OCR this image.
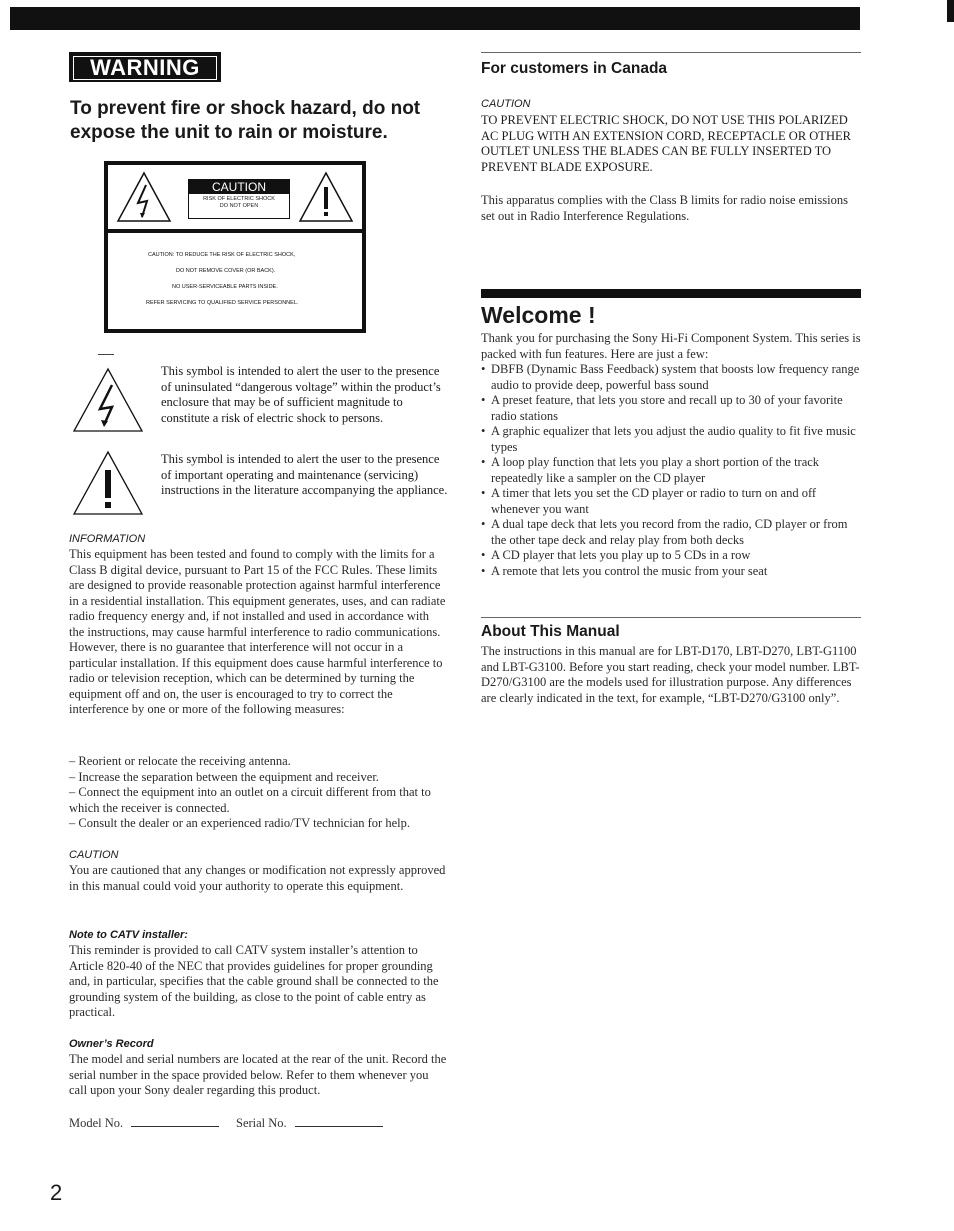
WARNING
To prevent fire or shock hazard, do not expose the unit to rain or moisture.
CAUTION
RISK OF ELECTRIC SHOCK
DO NOT OPEN
CAUTION: TO REDUCE THE RISK OF ELECTRIC SHOCK,
DO NOT REMOVE COVER (OR BACK).
NO USER-SERVICEABLE PARTS INSIDE.
REFER SERVICING TO QUALIFIED SERVICE PERSONNEL.
This symbol is intended to alert the user to the presence of uninsulated “dangerous voltage” within the product’s enclosure that may be of sufficient magnitude to constitute a risk of electric shock to persons.
This symbol is intended to alert the user to the presence of important operating and maintenance (servicing) instructions in the literature accompanying the appliance.
INFORMATION
This equipment has been tested and found to comply with the limits for a Class B digital device, pursuant to Part 15 of the FCC Rules. These limits are designed to provide reasonable protection against harmful interference in a residential installation. This equipment generates, uses, and can radiate radio frequency energy and, if not installed and used in accordance with the instructions, may cause harmful interference to radio communications. However, there is no guarantee that interference will not occur in a particular installation. If this equipment does cause harmful interference to radio or television reception, which can be determined by turning the equipment off and on, the user is encouraged to try to correct the interference by one or more of the following measures:
– Reorient or relocate the receiving antenna.
– Increase the separation between the equipment and receiver.
– Connect the equipment into an outlet on a circuit different from that to which the receiver is connected.
– Consult the dealer or an experienced radio/TV technician for help.
CAUTION
You are cautioned that any changes or modification not expressly approved in this manual could void your authority to operate this equipment.
Note to CATV installer:
This reminder is provided to call CATV system installer’s attention to Article 820-40 of the NEC that provides guidelines for proper grounding and, in particular, specifies that the cable ground shall be connected to the grounding system of the building, as close to the point of cable entry as practical.
Owner’s Record
The model and serial numbers are located at the rear of the unit. Record the serial number in the space provided below. Refer to them whenever you call upon your Sony dealer regarding this product.
Model No.	Serial No.
2
For customers in Canada
CAUTION
TO PREVENT ELECTRIC SHOCK, DO NOT USE THIS POLARIZED AC PLUG WITH AN EXTENSION CORD, RECEPTACLE OR OTHER OUTLET UNLESS THE BLADES CAN BE FULLY INSERTED TO PREVENT BLADE EXPOSURE.
This apparatus complies with the Class B limits for radio noise emissions set out in Radio Interference Regulations.
Welcome !
Thank you for purchasing the Sony Hi-Fi Component System. This series is packed with fun features. Here are just a few:
• DBFB (Dynamic Bass Feedback) system that boosts low frequency range audio to provide deep, powerful bass sound
• A preset feature, that lets you store and recall up to 30 of your favorite radio stations
• A graphic equalizer that lets you adjust the audio quality to fit five music types
• A loop play function that lets you play a short portion of the track repeatedly like a sampler on the CD player
• A timer that lets you set the CD player or radio to turn on and off whenever you want
• A dual tape deck that lets you record from the radio, CD player or from the other tape deck and relay play from both decks
• A CD player that lets you play up to 5 CDs in a row
• A remote that lets you control the music from your seat
About This Manual
The instructions in this manual are for LBT-D170, LBT-D270, LBT-G1100 and LBT-G3100. Before you start reading, check your model number. LBT-D270/G3100 are the models used for illustration purpose. Any differences are clearly indicated in the text, for example, “LBT-D270/G3100 only”.
